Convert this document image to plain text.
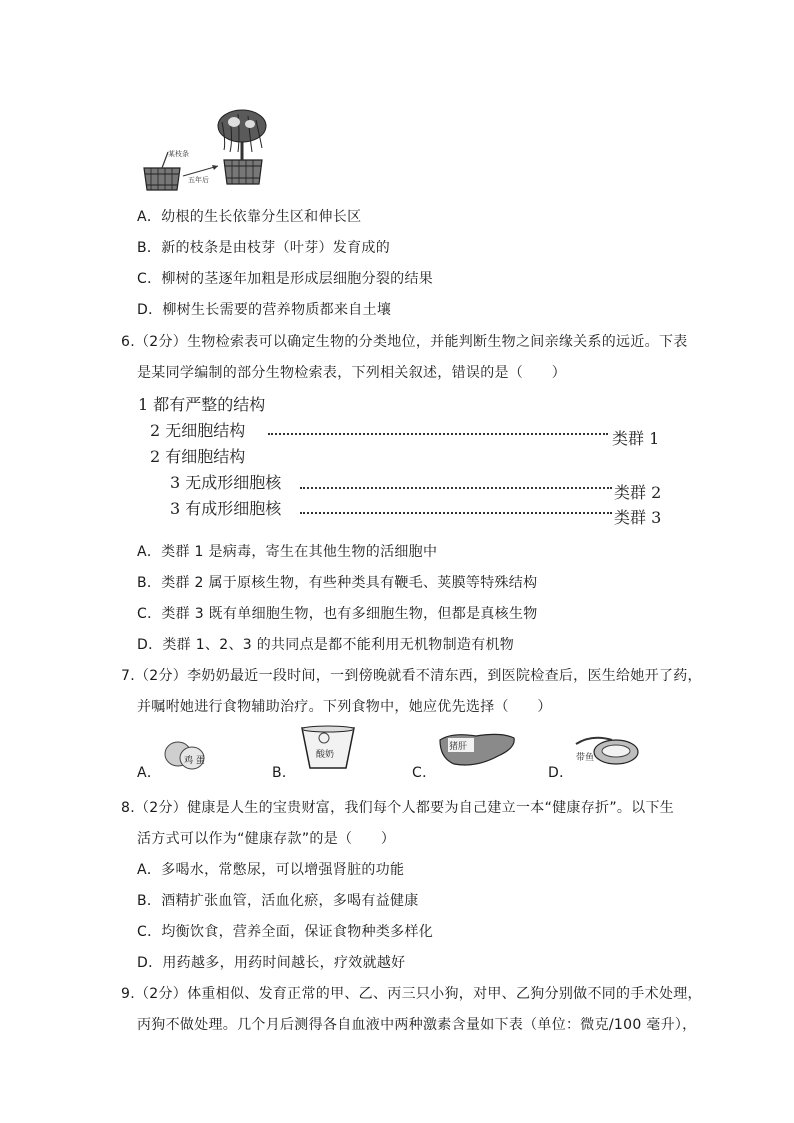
某枝条
五年后
A．幼根的生长依靠分生区和伸长区
B．新的枝条是由枝芽（叶芽）发育成的
C．柳树的茎逐年加粗是形成层细胞分裂的结果
D．柳树生长需要的营养物质都来自土壤
6.（2分）生物检索表可以确定生物的分类地位，并能判断生物之间亲缘关系的远近。下表
是某同学编制的部分生物检索表，下列相关叙述，错误的是（　　）
1 都有严整的结构
2 无细胞结构	类群 1
2 有细胞结构
3 无成形细胞核
类群 2
3 有成形细胞核	类群 3
A．类群 1 是病毒，寄生在其他生物的活细胞中
B．类群 2 属于原核生物，有些种类具有鞭毛、荚膜等特殊结构
C．类群 3 既有单细胞生物，也有多细胞生物，但都是真核生物
D．类群 1、2、3 的共同点是都不能利用无机物制造有机物
7.（2分）李奶奶最近一段时间，一到傍晚就看不清东西，到医院检查后，医生给她开了药，
并嘱咐她进行食物辅助治疗。下列食物中，她应优先选择（　　）
A．
鸡 蛋
B．
酸奶
C．
猪肝
D．
带鱼
8.（2分）健康是人生的宝贵财富，我们每个人都要为自己建立一本“健康存折”。以下生
活方式可以作为“健康存款”的是（　　）
A．多喝水，常憋尿，可以增强肾脏的功能
B．酒精扩张血管，活血化瘀，多喝有益健康
C．均衡饮食，营养全面，保证食物种类多样化
D．用药越多，用药时间越长，疗效就越好
9.（2分）体重相似、发育正常的甲、乙、丙三只小狗，对甲、乙狗分别做不同的手术处理，
丙狗不做处理。几个月后测得各自血液中两种激素含量如下表（单位：微克/100 毫升），
